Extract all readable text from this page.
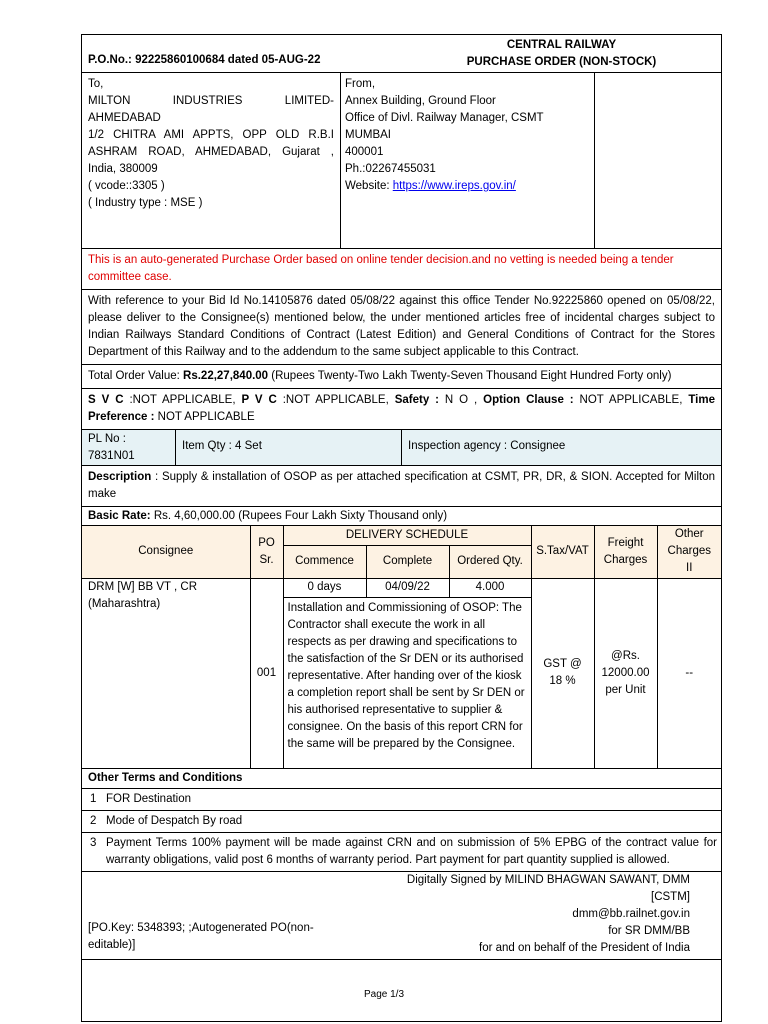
P.O.No.: 92225860100684 dated 05-AUG-22
CENTRAL RAILWAY
PURCHASE ORDER (NON-STOCK)
To,
MILTON INDUSTRIES LIMITED-
AHMEDABAD
1/2 CHITRA AMI APPTS, OPP OLD R.B.I
ASHRAM ROAD, AHMEDABAD, Gujarat ,
India, 380009
( vcode::3305 )
( Industry type : MSE )
From,
Annex Building, Ground Floor
Office of Divl. Railway Manager, CSMT
MUMBAI
400001
Ph.:02267455031
Website: https://www.ireps.gov.in/
This is an auto-generated Purchase Order based on online tender decision.and no vetting is needed being a tender committee case.
With reference to your Bid Id No.14105876 dated 05/08/22 against this office Tender No.92225860 opened on 05/08/22, please deliver to the Consignee(s) mentioned below, the under mentioned articles free of incidental charges subject to Indian Railways Standard Conditions of Contract (Latest Edition) and General Conditions of Contract for the Stores Department of this Railway and to the addendum to the same subject applicable to this Contract.
Total Order Value: Rs.22,27,840.00 (Rupees Twenty-Two Lakh Twenty-Seven Thousand Eight Hundred Forty only)
S V C :NOT APPLICABLE, P V C :NOT APPLICABLE, Safety : N O , Option Clause : NOT APPLICABLE, Time Preference : NOT APPLICABLE
PL No :
7831N01
Item Qty : 4 Set	Inspection agency : Consignee
Description : Supply & installation of OSOP as per attached specification at CSMT, PR, DR, & SION. Accepted for Milton make
Basic Rate: Rs. 4,60,000.00 (Rupees Four Lakh Sixty Thousand only)
Consignee	PO Sr.	DELIVERY SCHEDULE			S.Tax/VAT	Freight Charges	Other Charges II
		Commence	Complete	Ordered Qty.			

DRM [W] BB VT , CR
(Maharashtra)	001	0 days	04/09/22	4.000	GST @ 18 %	@Rs. 12000.00 per Unit	--
		Installation and Commissioning of OSOP: The Contractor shall execute the work in all respects as per drawing and specifications to the satisfaction of the Sr DEN or its authorised representative. After handing over of the kiosk a completion report shall be sent by Sr DEN or his authorised representative to supplier & consignee. On the basis of this report CRN for the same will be prepared by the Consignee.					
Other Terms and Conditions
1 FOR Destination
2 Mode of Despatch By road
3 Payment Terms 100% payment will be made against CRN and on submission of 5% EPBG of the contract value for warranty obligations, valid post 6 months of warranty period. Part payment for part quantity supplied is allowed.
[PO.Key: 5348393; ;Autogenerated PO(non-editable)]
Digitally Signed by MILIND BHAGWAN SAWANT, DMM
[CSTM]
dmm@bb.railnet.gov.in
for SR DMM/BB
for and on behalf of the President of India
Page 1/3
